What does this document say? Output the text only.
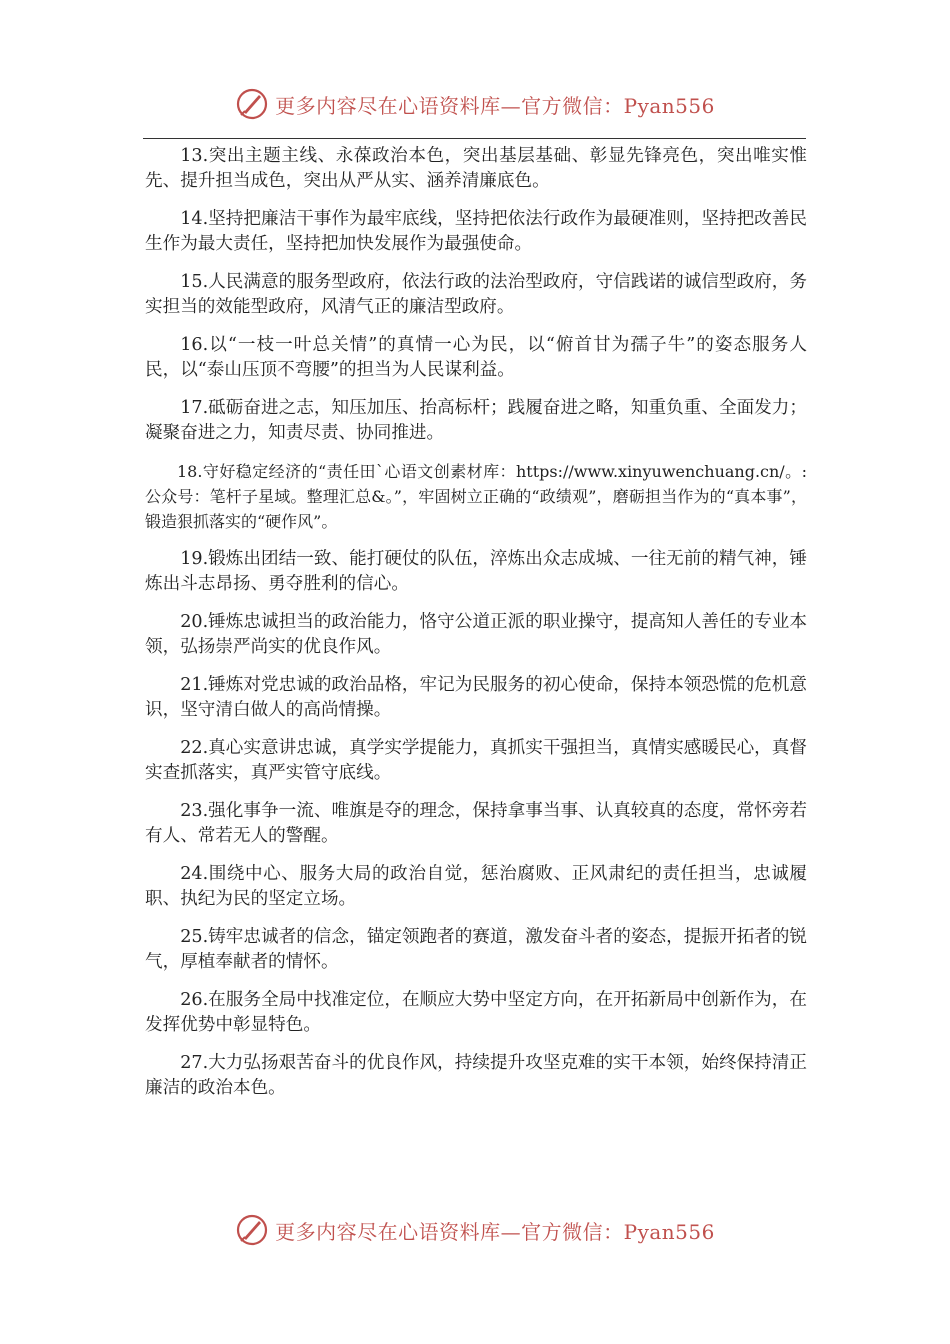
更多内容尽在心语资料库—官方微信：Pyan556

13.突出主题主线、永葆政治本色，突出基层基础、彰显先锋亮色，突出唯实惟先、提升担当成色，突出从严从实、涵养清廉底色。

14.坚持把廉洁干事作为最牢底线，坚持把依法行政作为最硬准则，坚持把改善民生作为最大责任，坚持把加快发展作为最强使命。

15.人民满意的服务型政府，依法行政的法治型政府，守信践诺的诚信型政府，务实担当的效能型政府，风清气正的廉洁型政府。

16.以“一枝一叶总关情”的真情一心为民，以“俯首甘为孺子牛”的姿态服务人民，以“泰山压顶不弯腰”的担当为人民谋利益。

17.砥砺奋进之志，知压加压、抬高标杆；践履奋进之略，知重负重、全面发力；凝聚奋进之力，知责尽责、协同推进。

18.守好稳定经济的“责任田`心语文创素材库：https://www.xinyuwenchuang.cn/。:公众号：笔杆子星域。整理汇总&。”，牢固树立正确的“政绩观”，磨砺担当作为的“真本事”，锻造狠抓落实的“硬作风”。

19.锻炼出团结一致、能打硬仗的队伍，淬炼出众志成城、一往无前的精气神，锤炼出斗志昂扬、勇夺胜利的信心。

20.锤炼忠诚担当的政治能力，恪守公道正派的职业操守，提高知人善任的专业本领，弘扬崇严尚实的优良作风。

21.锤炼对党忠诚的政治品格，牢记为民服务的初心使命，保持本领恐慌的危机意识，坚守清白做人的高尚情操。

22.真心实意讲忠诚，真学实学提能力，真抓实干强担当，真情实感暖民心，真督实查抓落实，真严实管守底线。

23.强化事争一流、唯旗是夺的理念，保持拿事当事、认真较真的态度，常怀旁若有人、常若无人的警醒。

24.围绕中心、服务大局的政治自觉，惩治腐败、正风肃纪的责任担当，忠诚履职、执纪为民的坚定立场。

25.铸牢忠诚者的信念，锚定领跑者的赛道，激发奋斗者的姿态，提振开拓者的锐气，厚植奉献者的情怀。

26.在服务全局中找准定位，在顺应大势中坚定方向，在开拓新局中创新作为，在发挥优势中彰显特色。

27.大力弘扬艰苦奋斗的优良作风，持续提升攻坚克难的实干本领，始终保持清正廉洁的政治本色。

更多内容尽在心语资料库—官方微信：Pyan556
